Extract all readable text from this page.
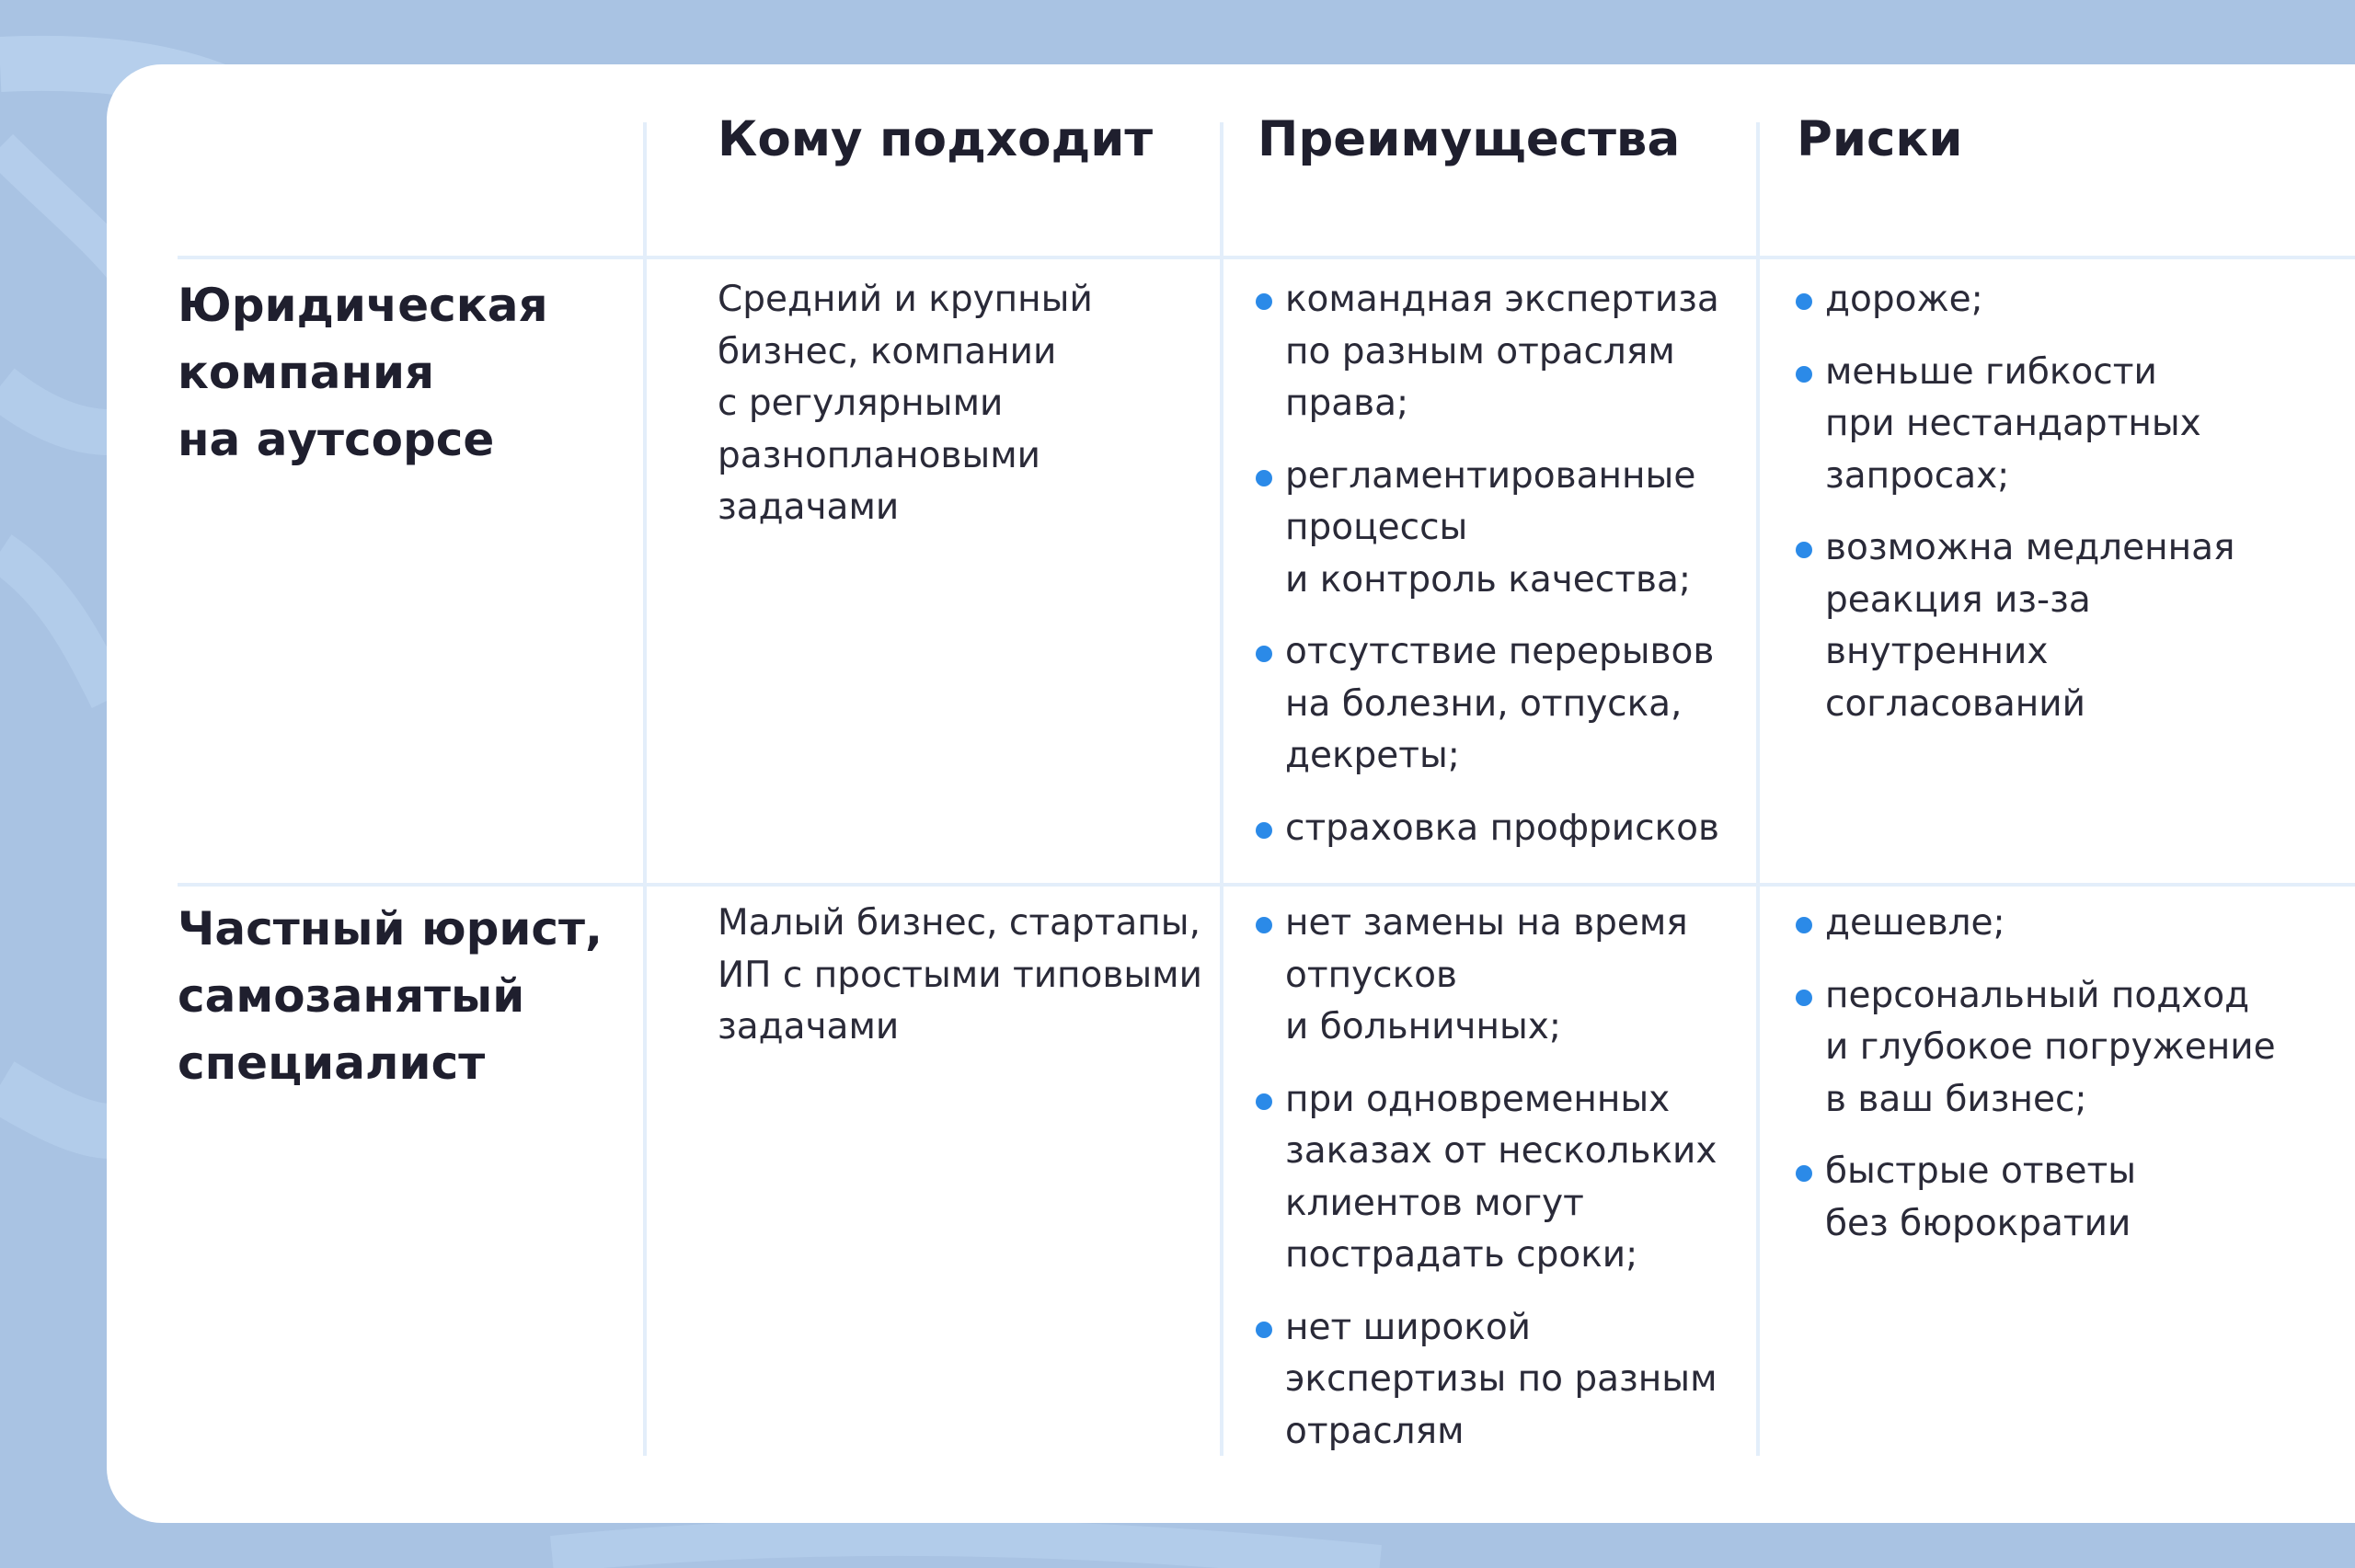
Кому подходит Преимущества Риски
Юридическая
компания
на аутсорсе
Средний и крупный
бизнес, компании
с регулярными
разноплановыми
задачами
командная экспертиза
по разным отраслям
права;
регламентированные
процессы
и контроль качества;
отсутствие перерывов
на болезни, отпуска,
декреты;
страховка профрисков
дороже;
меньше гибкости
при нестандартных
запросах;
возможна медленная
реакция из-за
внутренних
согласований
Частный юрист,
самозанятый
специалист
Малый бизнес, стартапы,
ИП с простыми типовыми
задачами
нет замены на время
отпусков
и больничных;
при одновременных
заказах от нескольких
клиентов могут
пострадать сроки;
нет широкой
экспертизы по разным
отраслям
дешевле;
персональный подход
и глубокое погружение
в ваш бизнес;
быстрые ответы
без бюрократии
